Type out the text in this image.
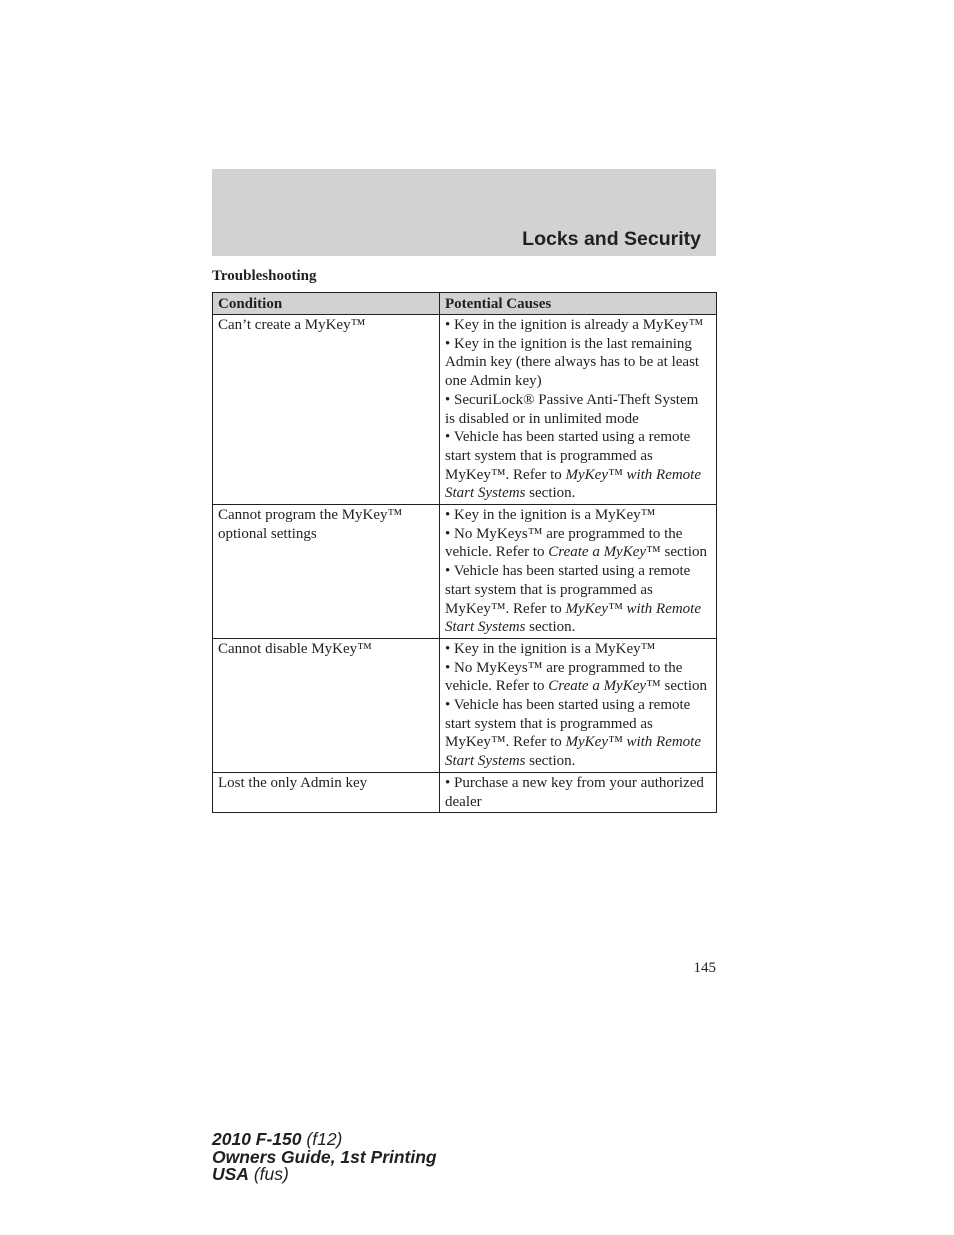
Locks and Security
Troubleshooting
Condition	Potential Causes
Can’t create a MyKey™	• Key in the ignition is already a MyKey™
• Key in the ignition is the last remaining Admin key (there always has to be at least one Admin key)
• SecuriLock® Passive Anti-Theft System is disabled or in unlimited mode
• Vehicle has been started using a remote start system that is programmed as MyKey™. Refer to MyKey™ with Remote Start Systems section.

Cannot program the MyKey™ optional settings	• Key in the ignition is a MyKey™
• No MyKeys™ are programmed to the vehicle. Refer to Create a MyKey™ section
• Vehicle has been started using a remote start system that is programmed as MyKey™. Refer to MyKey™ with Remote Start Systems section.

Cannot disable MyKey™	• Key in the ignition is a MyKey™
• No MyKeys™ are programmed to the vehicle. Refer to Create a MyKey™ section
• Vehicle has been started using a remote start system that is programmed as MyKey™. Refer to MyKey™ with Remote Start Systems section.

Lost the only Admin key	• Purchase a new key from your authorized dealer
145
2010 F-150 (f12)
Owners Guide, 1st Printing
USA (fus)
